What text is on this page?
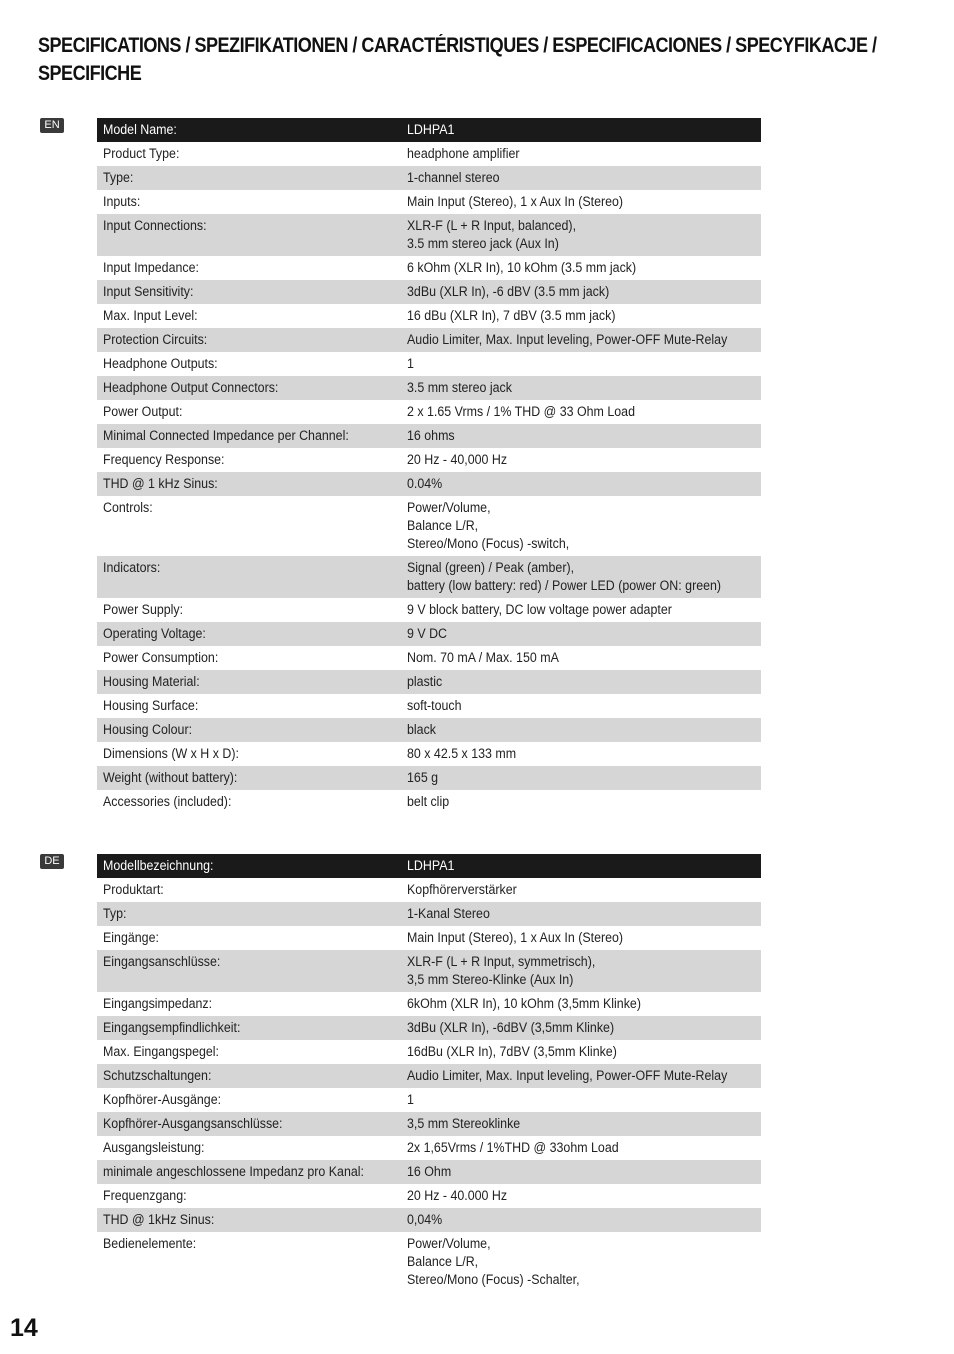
SPECIFICATIONS / SPEZIFIKATIONEN / CARACTÉRISTIQUES / ESPECIFICACIONES / SPECYFIKACJE / SPECIFICHE
EN	Model Name:	LDHPA1
Product Type:	headphone amplifier
Type:	1-channel stereo
Inputs:	Main Input (Stereo), 1 x Aux In (Stereo)
Input Connections:	XLR-F (L + R Input, balanced),
3.5 mm stereo jack (Aux In)
Input Impedance:	6 kOhm (XLR In), 10 kOhm (3.5 mm jack)
Input Sensitivity:	3dBu (XLR In), -6 dBV (3.5 mm jack)
Max. Input Level:	16 dBu (XLR In), 7 dBV (3.5 mm jack)
Protection Circuits:	Audio Limiter, Max. Input leveling, Power-OFF Mute-Relay
Headphone Outputs:	1
Headphone Output Connectors:	3.5 mm stereo jack
Power Output:	2 x 1.65 Vrms / 1% THD @ 33 Ohm Load
Minimal Connected Impedance per Channel:	16 ohms
Frequency Response:	20 Hz - 40,000 Hz
THD @ 1 kHz Sinus:	0.04%
Controls:	Power/Volume,
Balance L/R,
Stereo/Mono (Focus) -switch,
Indicators:	Signal (green) / Peak (amber),
battery (low battery: red) / Power LED (power ON: green)
Power Supply:	9 V block battery, DC low voltage power adapter
Operating Voltage:	9 V DC
Power Consumption:	Nom. 70 mA / Max. 150 mA
Housing Material:	plastic
Housing Surface:	soft-touch
Housing Colour:	black
Dimensions (W x H x D):	80 x 42.5 x 133 mm
Weight (without battery):	165 g
Accessories (included):	belt clip
DE	Modellbezeichnung:	LDHPA1
Produktart:	Kopfhörerverstärker
Typ:	1-Kanal Stereo
Eingänge:	Main Input (Stereo), 1 x Aux In (Stereo)
Eingangsanschlüsse:	XLR-F (L + R Input, symmetrisch),
3,5 mm Stereo-Klinke (Aux In)
Eingangsimpedanz:	6kOhm (XLR In), 10 kOhm (3,5mm Klinke)
Eingangsempfindlichkeit:	3dBu (XLR In), -6dBV (3,5mm Klinke)
Max. Eingangspegel:	16dBu (XLR In), 7dBV (3,5mm Klinke)
Schutzschaltungen:	Audio Limiter, Max. Input leveling, Power-OFF Mute-Relay
Kopfhörer-Ausgänge:	1
Kopfhörer-Ausgangsanschlüsse:	3,5 mm Stereoklinke
Ausgangsleistung:	2x 1,65Vrms / 1%THD @ 33ohm Load
minimale angeschlossene Impedanz pro Kanal:	16 Ohm
Frequenzgang:	20 Hz - 40.000 Hz
THD @ 1kHz Sinus:	0,04%
Bedienelemente:	Power/Volume,
Balance L/R,
Stereo/Mono (Focus) -Schalter,
14
